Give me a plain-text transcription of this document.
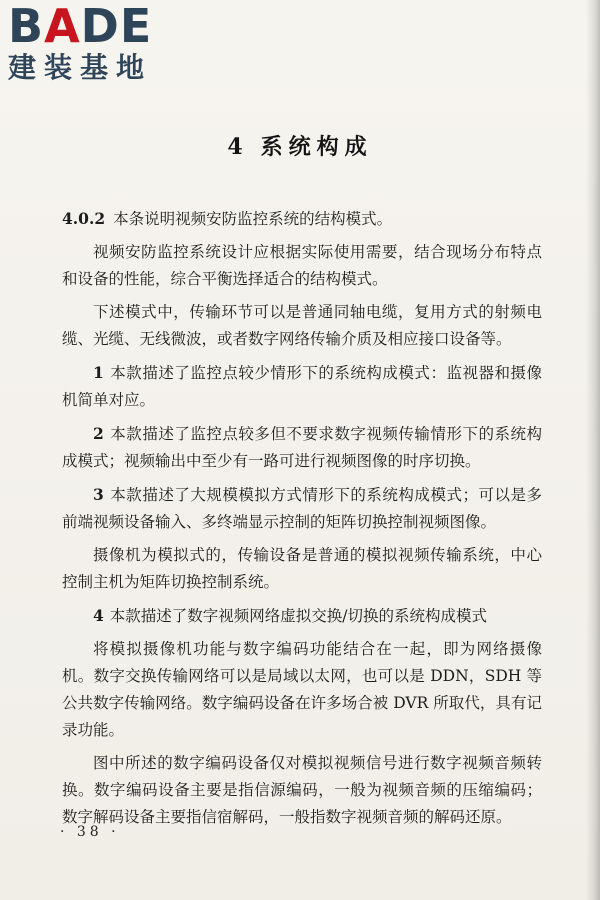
BADE
建装基地
4 系统构成

4.0.2 本条说明视频安防监控系统的结构模式。

视频安防监控系统设计应根据实际使用需要，结合现场分布特点和设备的性能，综合平衡选择适合的结构模式。

下述模式中，传输环节可以是普通同轴电缆，复用方式的射频电缆、光缆、无线微波，或者数字网络传输介质及相应接口设备等。

1 本款描述了监控点较少情形下的系统构成模式：监视器和摄像机简单对应。

2 本款描述了监控点较多但不要求数字视频传输情形下的系统构成模式；视频输出中至少有一路可进行视频图像的时序切换。

3 本款描述了大规模模拟方式情形下的系统构成模式；可以是多前端视频设备输入、多终端显示控制的矩阵切换控制视频图像。

摄像机为模拟式的，传输设备是普通的模拟视频传输系统，中心控制主机为矩阵切换控制系统。

4 本款描述了数字视频网络虚拟交换/切换的系统构成模式

将模拟摄像机功能与数字编码功能结合在一起，即为网络摄像机。数字交换传输网络可以是局域以太网，也可以是 DDN，SDH 等公共数字传输网络。数字编码设备在许多场合被 DVR 所取代，具有记录功能。

图中所述的数字编码设备仅对模拟视频信号进行数字视频音频转换。数字编码设备主要是指信源编码，一般为视频音频的压缩编码；数字解码设备主要指信宿解码，一般指数字视频音频的解码还原。

· 38 ·
